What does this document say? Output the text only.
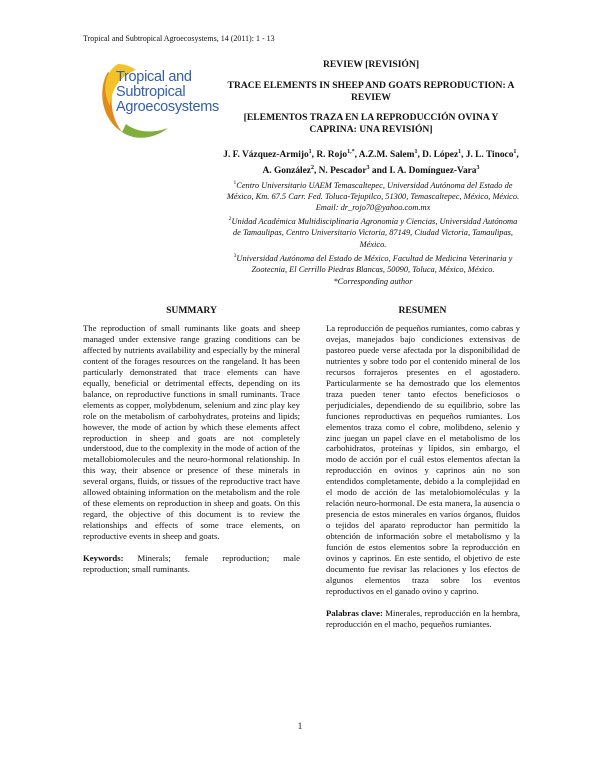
Tropical and Subtropical Agroecosystems, 14 (2011): 1 - 13
Tropical and
Subtropical
Agroecosystems
REVIEW [REVISIÓN]
TRACE ELEMENTS IN SHEEP AND GOATS REPRODUCTION: A REVIEW
[ELEMENTOS TRAZA EN LA REPRODUCCIÓN OVINA Y CAPRINA: UNA REVISIÓN]
J. F. Vázquez-Armijo$^1$, R. Rojo$^{1,*}$, A.Z.M. Salem$^1$, D. López$^1$, J. L. Tinoco$^1$, A. González$^2$, N. Pescador$^3$ and I. A. Domínguez-Vara$^3$

$^1$Centro Universitario UAEM Temascaltepec, Universidad Autónoma del Estado de México, Km. 67.5 Carr. Fed. Toluca-Tejupilco, 51300, Temascaltepec, México, México. Email: dr_rojo70@yahoo.com.mx

$^2$Unidad Académica Multidisciplinaria Agronomía y Ciencias, Universidad Autónoma de Tamaulipas, Centro Universitario Victoria, 87149, Ciudad Victoria, Tamaulipas, México.

$^3$Universidad Autónoma del Estado de México, Facultad de Medicina Veterinaria y Zootecnia, El Cerrillo Piedras Blancas, 50090, Toluca, México, México.

*Corresponding author

SUMMARY	RESUMEN

The reproduction of small ruminants like goats and sheep managed under extensive range grazing conditions can be affected by nutrients availability and especially by the mineral content of the forages resources on the rangeland. It has been particularly demonstrated that trace elements can have equally, beneficial or detrimental effects, depending on its balance, on reproductive functions in small ruminants. Trace elements as copper, molybdenum, selenium and zinc play key role on the metabolism of carbohydrates, proteins and lipids; however, the mode of action by which these elements affect reproduction in sheep and goats are not completely understood, due to the complexity in the mode of action of the metallobiomolecules and the neuro-hormonal relationship. In this way, their absence or presence of these minerals in several organs, fluids, or tissues of the reproductive tract have allowed obtaining information on the metabolism and the role of these elements on reproduction in sheep and goats. On this regard, the objective of this document is to review the relationships and effects of some trace elements, on reproductive events in sheep and goats.

Keywords: Minerals; female reproduction; male reproduction; small ruminants.

La reproducción de pequeños rumiantes, como cabras y ovejas, manejados bajo condiciones extensivas de pastoreo puede verse afectada por la disponibilidad de nutrientes y sobre todo por el contenido mineral de los recursos forrajeros presentes en el agostadero. Particularmente se ha demostrado que los elementos traza pueden tener tanto efectos beneficiosos o perjudiciales, dependiendo de su equilibrio, sobre las funciones reproductivas en pequeños rumiantes. Los elementos traza como el cobre, molibdeno, selenio y zinc juegan un papel clave en el metabolismo de los carbohidratos, proteínas y lípidos, sin embargo, el modo de acción por el cuál estos elementos afectan la reproducción en ovinos y caprinos aún no son entendidos completamente, debido a la complejidad en el modo de acción de las metalobiomoléculas y la relación neuro-hormonal. De esta manera, la ausencia o presencia de estos minerales en varios órganos, fluidos o tejidos del aparato reproductor han permitido la obtención de información sobre el metabolismo y la función de estos elementos sobre la reproducción en ovinos y caprinos. En este sentido, el objetivo de este documento fue revisar las relaciones y los efectos de algunos elementos traza sobre los eventos reproductivos en el ganado ovino y caprino.

Palabras clave: Minerales, reproducción en la hembra, reproducción en el macho, pequeños rumiantes.

1
